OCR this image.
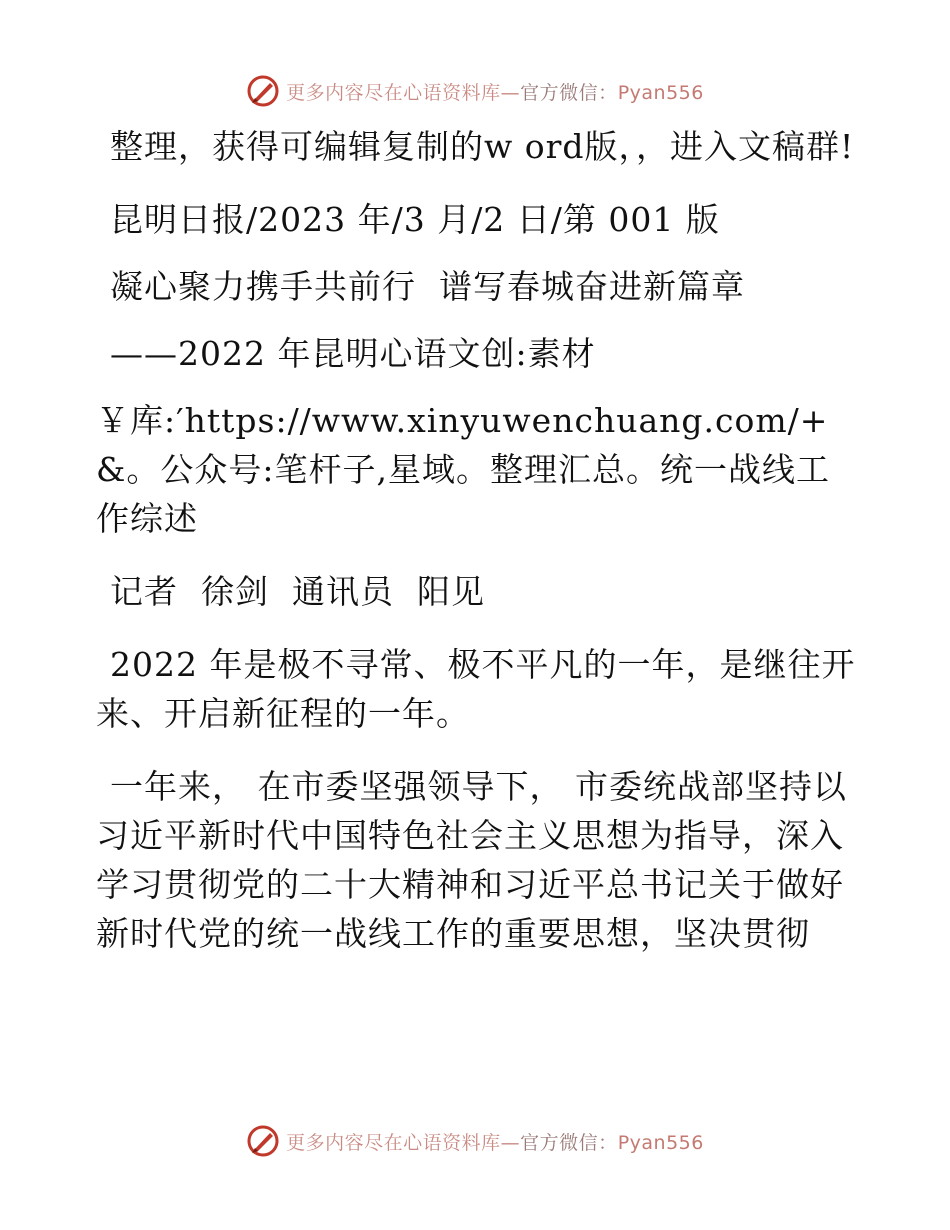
更多内容尽在心语资料库—官方微信：Pyan556

整理，获得可编辑复制的w ord版，，进入文稿群!

昆明日报/2023 年/3 月/2 日/第 001 版

凝心聚力携手共前行  谱写春城奋进新篇章

——2022 年昆明心语文创:素材

￥库:′https://www.xinyuwenchuang.com/+&。公众号:笔杆子,星域。整理汇总。统一战线工作综述

记者  徐剑  通讯员  阳见

2022 年是极不寻常、极不平凡的一年，是继往开来、开启新征程的一年。

一年来， 在市委坚强领导下， 市委统战部坚持以习近平新时代中国特色社会主义思想为指导，深入学习贯彻党的二十大精神和习近平总书记关于做好新时代党的统一战线工作的重要思想，坚决贯彻

更多内容尽在心语资料库—官方微信：Pyan556
